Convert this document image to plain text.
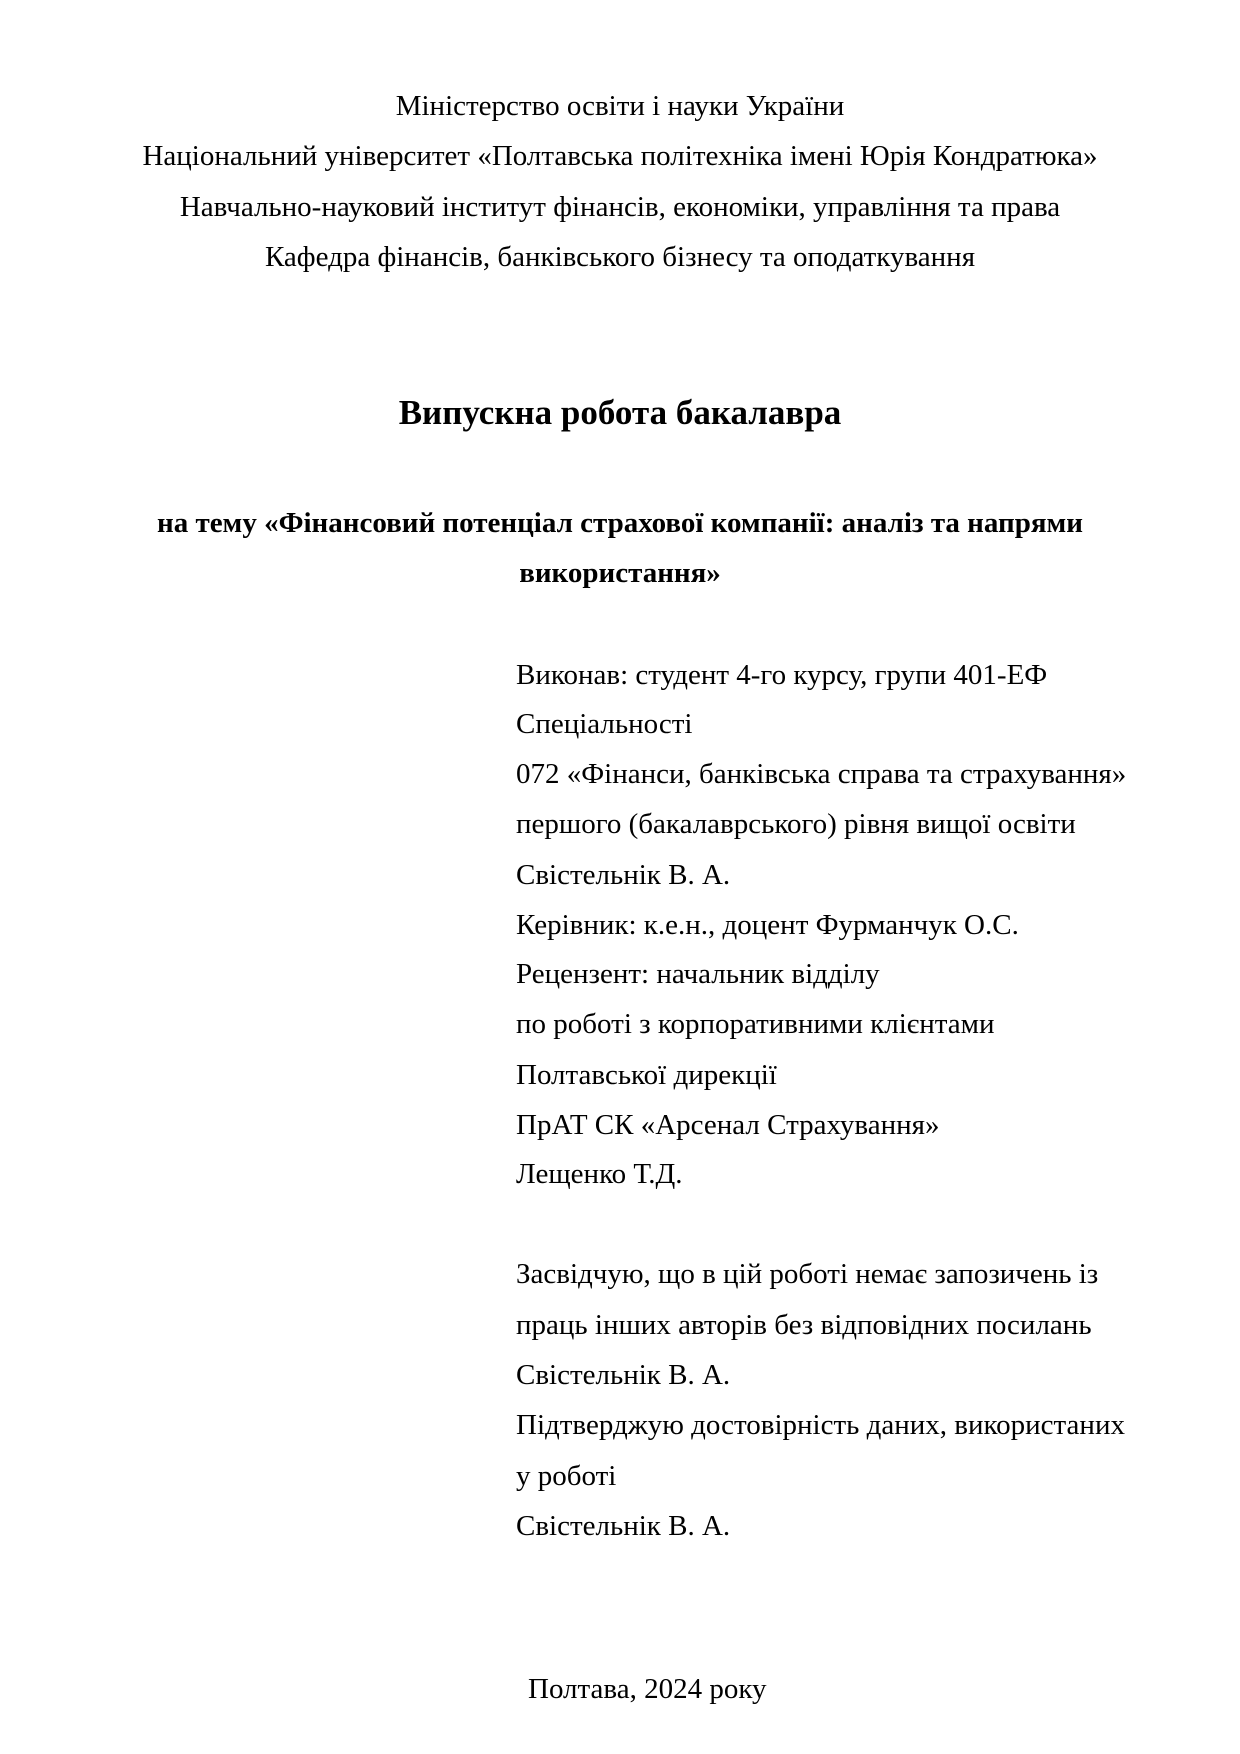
Міністерство освіти і науки України
Національний університет «Полтавська політехніка імені Юрія Кондратюка»
Навчально-науковий інститут фінансів, економіки, управління та права
Кафедра фінансів, банківського бізнесу та оподаткування
Випускна робота бакалавра
на тему «Фінансовий потенціал страхової компанії: аналіз та напрями
використання»
Виконав: студент 4-го курсу, групи 401-ЕФ
Спеціальності
072 «Фінанси, банківська справа та страхування»
першого (бакалаврського) рівня вищої освіти
Свістельнік В. А.
Керівник: к.е.н., доцент Фурманчук О.С.
Рецензент: начальник відділу
по роботі з корпоративними клієнтами
Полтавської дирекції
ПрАТ СК «Арсенал Страхування»
Лещенко Т.Д.
Засвідчую, що в цій роботі немає запозичень із
праць інших авторів без відповідних посилань
Свістельнік В. А.
Підтверджую достовірність даних, використаних
у роботі
Свістельнік В. А.
Полтава, 2024 року
